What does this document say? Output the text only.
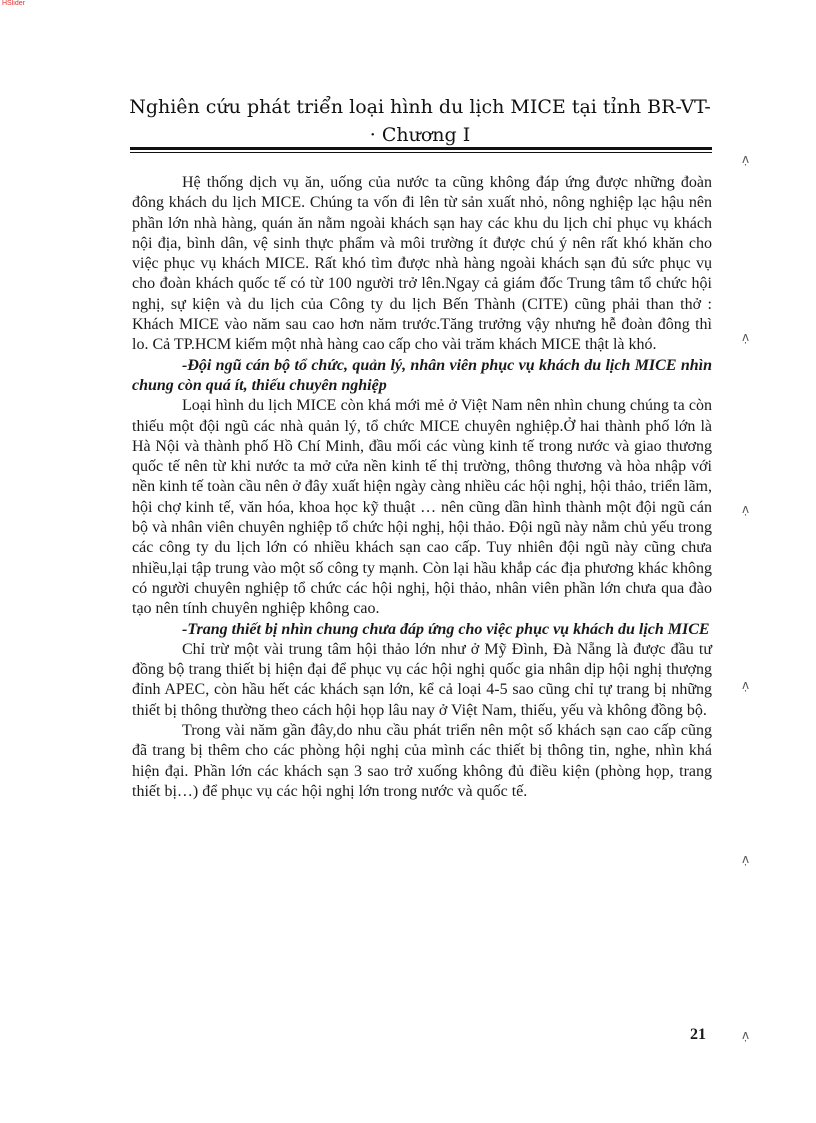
HSlider
Nghiên cứu phát triển loại hình du lịch MICE tại tỉnh BR-VT-
· Chương I

Hệ thống dịch vụ ăn, uống của nước ta cũng không đáp ứng được những đoàn đông khách du lịch MICE. Chúng ta vốn đi lên từ sản xuất nhỏ, nông nghiệp lạc hậu nên phần lớn nhà hàng, quán ăn nằm ngoài khách sạn hay các khu du lịch chỉ phục vụ khách nội địa, bình dân, vệ sinh thực phẩm và môi trường ít được chú ý nên rất khó khăn cho việc phục vụ khách MICE. Rất khó tìm được nhà hàng ngoài khách sạn đủ sức phục vụ cho đoàn khách quốc tế có từ 100 người trở lên.Ngay cả giám đốc Trung tâm tổ chức hội nghị, sự kiện và du lịch của Công ty du lịch Bến Thành (CITE) cũng phải than thở : Khách MICE vào năm sau cao hơn năm trước.Tăng trưởng vậy nhưng hễ đoàn đông thì lo. Cả TP.HCM kiếm một nhà hàng cao cấp cho vài trăm khách MICE thật là khó.

-Đội ngũ cán bộ tổ chức, quản lý, nhân viên phục vụ khách du lịch MICE nhìn chung còn quá ít, thiếu chuyên nghiệp

Loại hình du lịch MICE còn khá mới mẻ ở Việt Nam nên nhìn chung chúng ta còn thiếu một đội ngũ các nhà quản lý, tổ chức MICE chuyên nghiệp.Ở hai thành phố lớn là Hà Nội và thành phố Hồ Chí Minh, đầu mối các vùng kinh tế trong nước và giao thương quốc tế nên từ khi nước ta mở cửa nền kinh tế thị trường, thông thương và hòa nhập với nền kinh tế toàn cầu nên ở đây xuất hiện ngày càng nhiều các hội nghị, hội thảo, triển lãm, hội chợ kinh tế, văn hóa, khoa học kỹ thuật … nên cũng dần hình thành một đội ngũ cán bộ và nhân viên chuyên nghiệp tổ chức hội nghị, hội thảo. Đội ngũ này nằm chủ yếu trong các công ty du lịch lớn có nhiều khách sạn cao cấp. Tuy nhiên đội ngũ này cũng chưa nhiều,lại tập trung vào một số công ty mạnh. Còn lại hầu khắp các địa phương khác không có người chuyên nghiệp tổ chức các hội nghị, hội thảo, nhân viên phần lớn chưa qua đào tạo nên tính chuyên nghiệp không cao.

-Trang thiết bị nhìn chung chưa đáp ứng cho việc phục vụ khách du lịch MICE

Chỉ trừ một vài trung tâm hội thảo lớn như ở Mỹ Đình, Đà Nẵng là được đầu tư đồng bộ trang thiết bị hiện đại để phục vụ các hội nghị quốc gia nhân dịp hội nghị thượng đỉnh APEC, còn hầu hết các khách sạn lớn, kể cả loại 4-5 sao cũng chỉ tự trang bị những thiết bị thông thường theo cách hội họp lâu nay ở Việt Nam, thiếu, yếu và không đồng bộ.

Trong vài năm gần đây,do nhu cầu phát triển nên một số khách sạn cao cấp cũng đã trang bị thêm cho các phòng hội nghị của mình các thiết bị thông tin, nghe, nhìn khá hiện đại. Phần lớn các khách sạn 3 sao trở xuống không đủ điều kiện (phòng họp, trang thiết bị…) để phục vụ các hội nghị lớn trong nước và quốc tế.

21
ʌ̣
ʌ̣
ʌ̣
ʌ̣
ʌ̣
ʌ̣
